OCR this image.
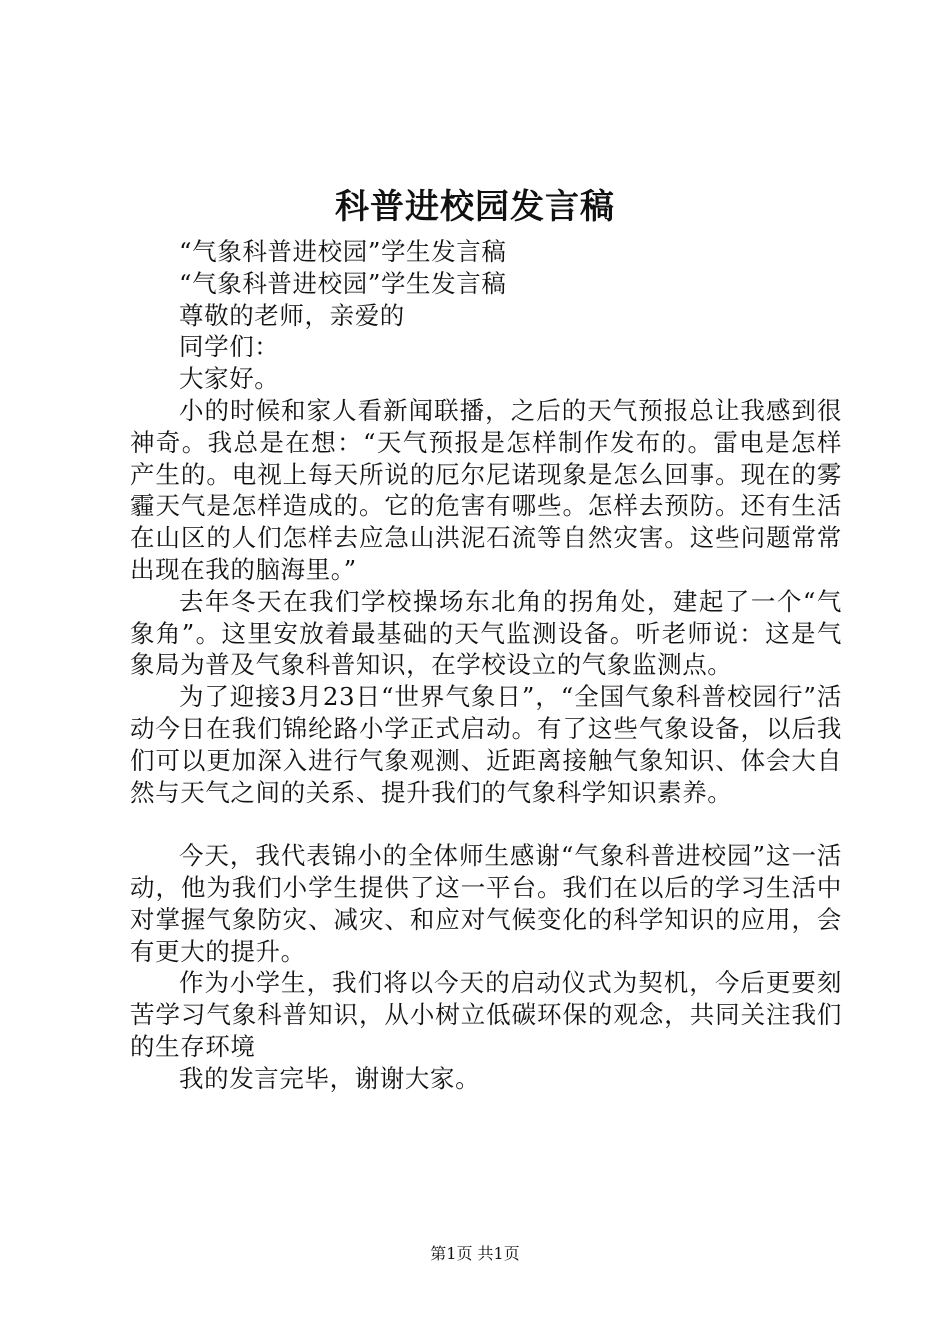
科普进校园发言稿

“气象科普进校园”学生发言稿

“气象科普进校园”学生发言稿

尊敬的老师，亲爱的

同学们：

大家好。

小的时候和家人看新闻联播，之后的天气预报总让我感到很神奇。我总是在想：“天气预报是怎样制作发布的。雷电是怎样产生的。电视上每天所说的厄尔尼诺现象是怎么回事。现在的雾霾天气是怎样造成的。它的危害有哪些。怎样去预防。还有生活在山区的人们怎样去应急山洪泥石流等自然灾害。这些问题常常出现在我的脑海里。”

去年冬天在我们学校操场东北角的拐角处，建起了一个“气象角”。这里安放着最基础的天气监测设备。听老师说：这是气象局为普及气象科普知识，在学校设立的气象监测点。

为了迎接3月23日“世界气象日”，“全国气象科普校园行”活动今日在我们锦纶路小学正式启动。有了这些气象设备，以后我们可以更加深入进行气象观测、近距离接触气象知识、体会大自然与天气之间的关系、提升我们的气象科学知识素养。

今天，我代表锦小的全体师生感谢“气象科普进校园”这一活动，他为我们小学生提供了这一平台。我们在以后的学习生活中对掌握气象防灾、减灾、和应对气候变化的科学知识的应用，会有更大的提升。

作为小学生，我们将以今天的启动仪式为契机，今后更要刻苦学习气象科普知识，从小树立低碳环保的观念，共同关注我们的生存环境

我的发言完毕，谢谢大家。

第1页 共1页
